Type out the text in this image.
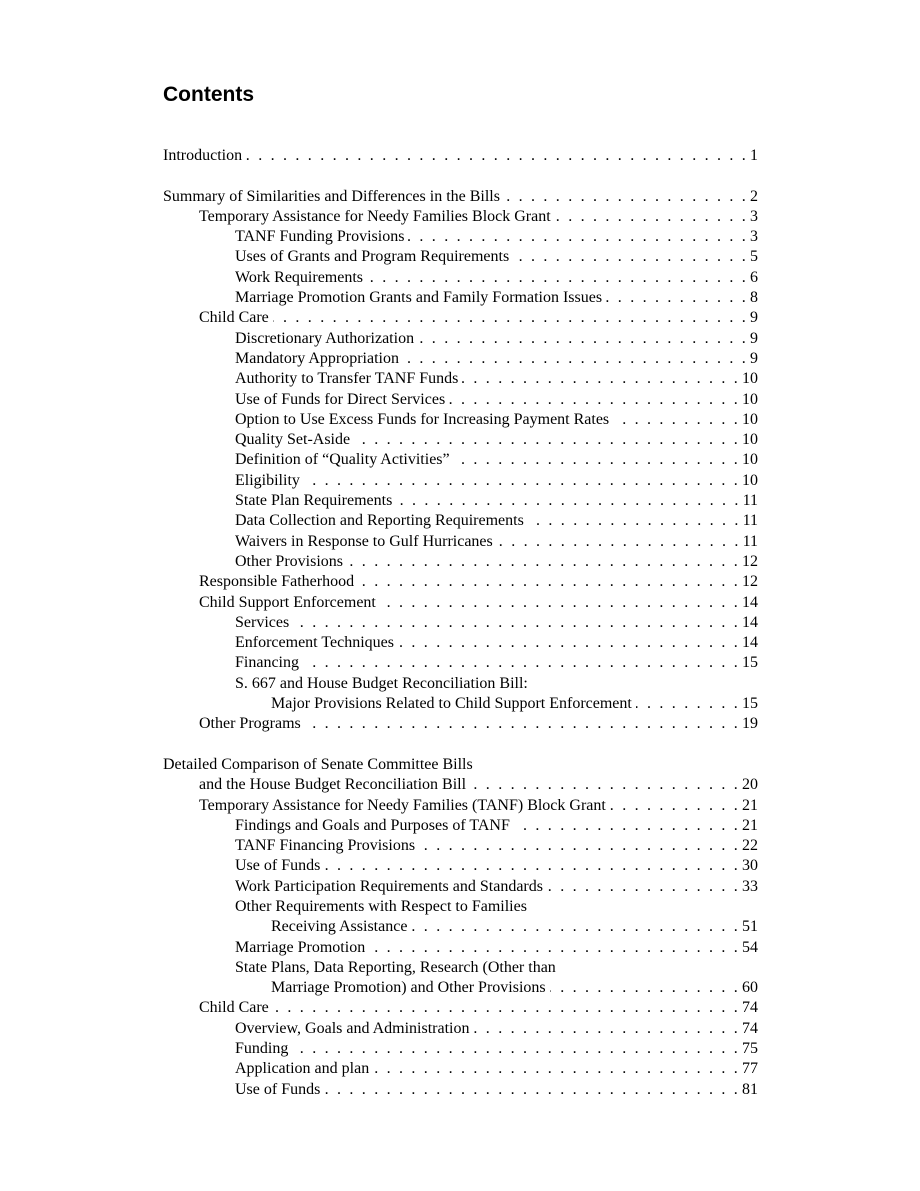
Contents
Introduction . . .	1
Summary of Similarities and Differences in the Bills . . .	2
Temporary Assistance for Needy Families Block Grant . . .	3
TANF Funding Provisions . . .	3
Uses of Grants and Program Requirements . . .	5
Work Requirements . . .	6
Marriage Promotion Grants and Family Formation Issues . . .	8
Child Care . . .	9
Discretionary Authorization . . .	9
Mandatory Appropriation . . .	9
Authority to Transfer TANF Funds . . .	10
Use of Funds for Direct Services . . .	10
Option to Use Excess Funds for Increasing Payment Rates . . .	10
Quality Set-Aside . . .	10
Definition of “Quality Activities” . . .	10
Eligibility . . .	10
State Plan Requirements . . .	11
Data Collection and Reporting Requirements . . .	11
Waivers in Response to Gulf Hurricanes . . .	11
Other Provisions . . .	12
Responsible Fatherhood . . .	12
Child Support Enforcement . . .	14
Services . . .	14
Enforcement Techniques . . .	14
Financing . . .	15
S. 667 and House Budget Reconciliation Bill:
Major Provisions Related to Child Support Enforcement . . .	15
Other Programs . . .	19
Detailed Comparison of Senate Committee Bills
and the House Budget Reconciliation Bill . . .	20
Temporary Assistance for Needy Families (TANF) Block Grant . . .	21
Findings and Goals and Purposes of TANF . . .	21
TANF Financing Provisions . . .	22
Use of Funds . . .	30
Work Participation Requirements and Standards . . .	33
Other Requirements with Respect to Families
Receiving Assistance . . .	51
Marriage Promotion . . .	54
State Plans, Data Reporting, Research (Other than
Marriage Promotion) and Other Provisions . . .	60
Child Care . . .	74
Overview, Goals and Administration . . .	74
Funding . . .	75
Application and plan . . .	77
Use of Funds . . .	81
